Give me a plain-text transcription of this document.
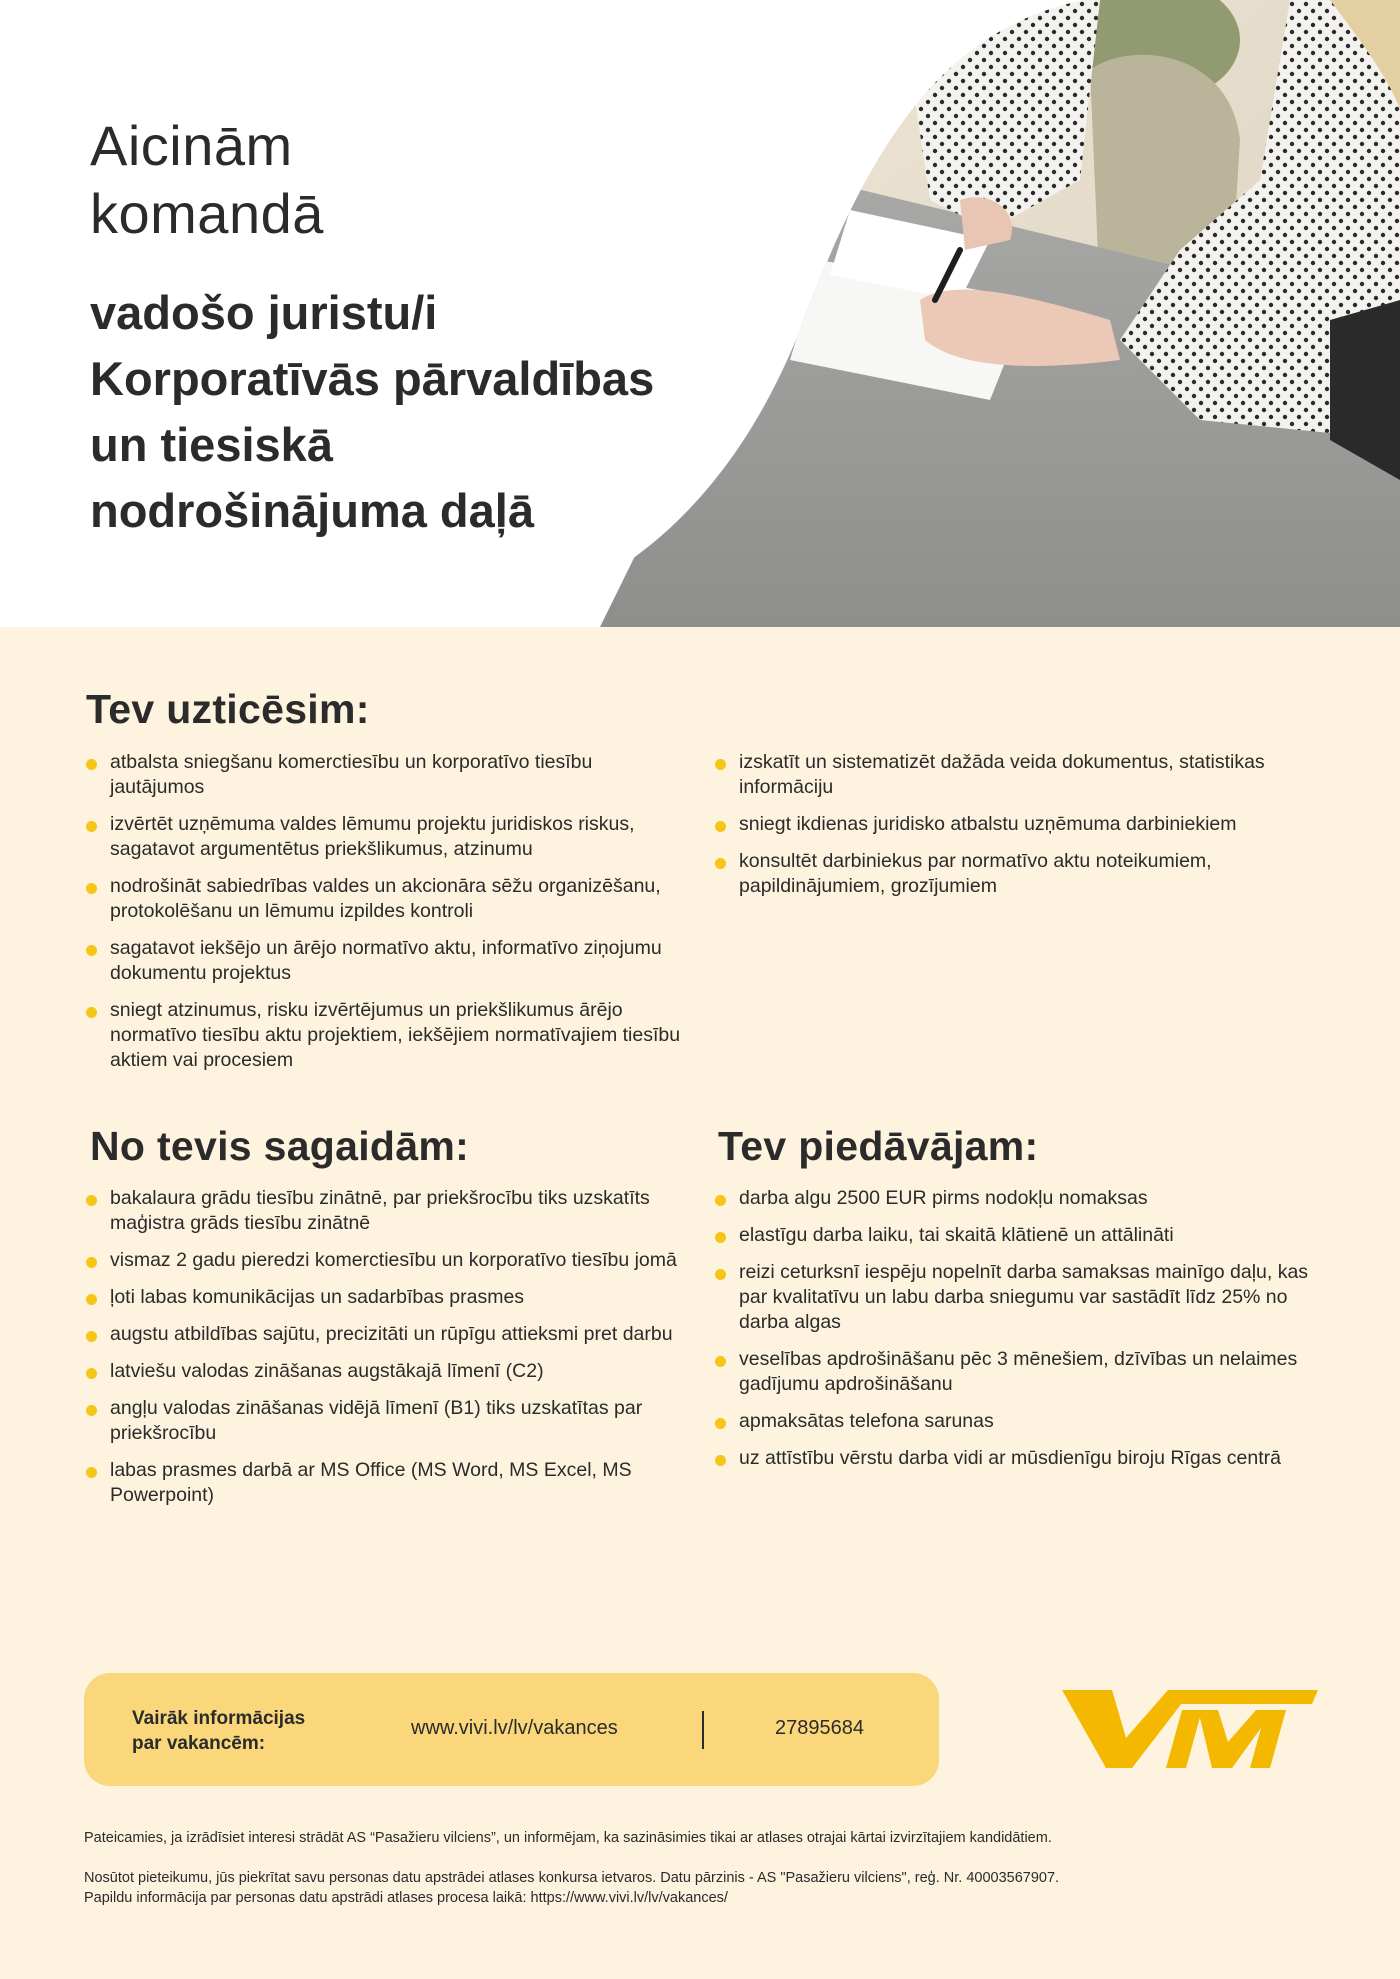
Aicinām
komandā
vadošo juristu/i
Korporatīvās pārvaldības
un tiesiskā
nodrošinājuma daļā
Tev uzticēsim:
atbalsta sniegšanu komerctiesību un korporatīvo tiesību jautājumos
izvērtēt uzņēmuma valdes lēmumu projektu juridiskos riskus, sagatavot argumentētus priekšlikumus, atzinumu
nodrošināt sabiedrības valdes un akcionāra sēžu organizēšanu, protokolēšanu un lēmumu izpildes kontroli
sagatavot iekšējo un ārējo normatīvo aktu, informatīvo ziņojumu dokumentu projektus
sniegt atzinumus, risku izvērtējumus un priekšlikumus ārējo normatīvo tiesību aktu projektiem, iekšējiem normatīvajiem tiesību aktiem vai procesiem
izskatīt un sistematizēt dažāda veida dokumentus, statistikas informāciju
sniegt ikdienas juridisko atbalstu uzņēmuma darbiniekiem
konsultēt darbiniekus par normatīvo aktu noteikumiem, papildinājumiem, grozījumiem
No tevis sagaidām:
bakalaura grādu tiesību zinātnē, par priekšrocību tiks uzskatīts maģistra grāds tiesību zinātnē
vismaz 2 gadu pieredzi komerctiesību un korporatīvo tiesību jomā
ļoti labas komunikācijas un sadarbības prasmes
augstu atbildības sajūtu, precizitāti un rūpīgu attieksmi pret darbu
latviešu valodas zināšanas augstākajā līmenī (C2)
angļu valodas zināšanas vidējā līmenī (B1) tiks uzskatītas par priekšrocību
labas prasmes darbā ar MS Office (MS Word, MS Excel, MS Powerpoint)
Tev piedāvājam:
darba algu 2500 EUR pirms nodokļu nomaksas
elastīgu darba laiku, tai skaitā klātienē un attālināti
reizi ceturksnī iespēju nopelnīt darba samaksas mainīgo daļu, kas par kvalitatīvu un labu darba sniegumu var sastādīt līdz 25% no darba algas
veselības apdrošināšanu pēc 3 mēnešiem, dzīvības un nelaimes gadījumu apdrošināšanu
apmaksātas telefona sarunas
uz attīstību vērstu darba vidi ar mūsdienīgu biroju Rīgas centrā
Vairāk informācijas par vakancēm:
www.vivi.lv/lv/vakances	27895684

Pateicamies, ja izrādīsiet interesi strādāt AS “Pasažieru vilciens”, un informējam, ka sazināsimies tikai ar atlases otrajai kārtai izvirzītajiem kandidātiem.

Nosūtot pieteikumu, jūs piekrītat savu personas datu apstrādei atlases konkursa ietvaros. Datu pārzinis - AS "Pasažieru vilciens", reģ. Nr. 40003567907.

Papildu informācija par personas datu apstrādi atlases procesa laikā: https://www.vivi.lv/lv/vakances/
